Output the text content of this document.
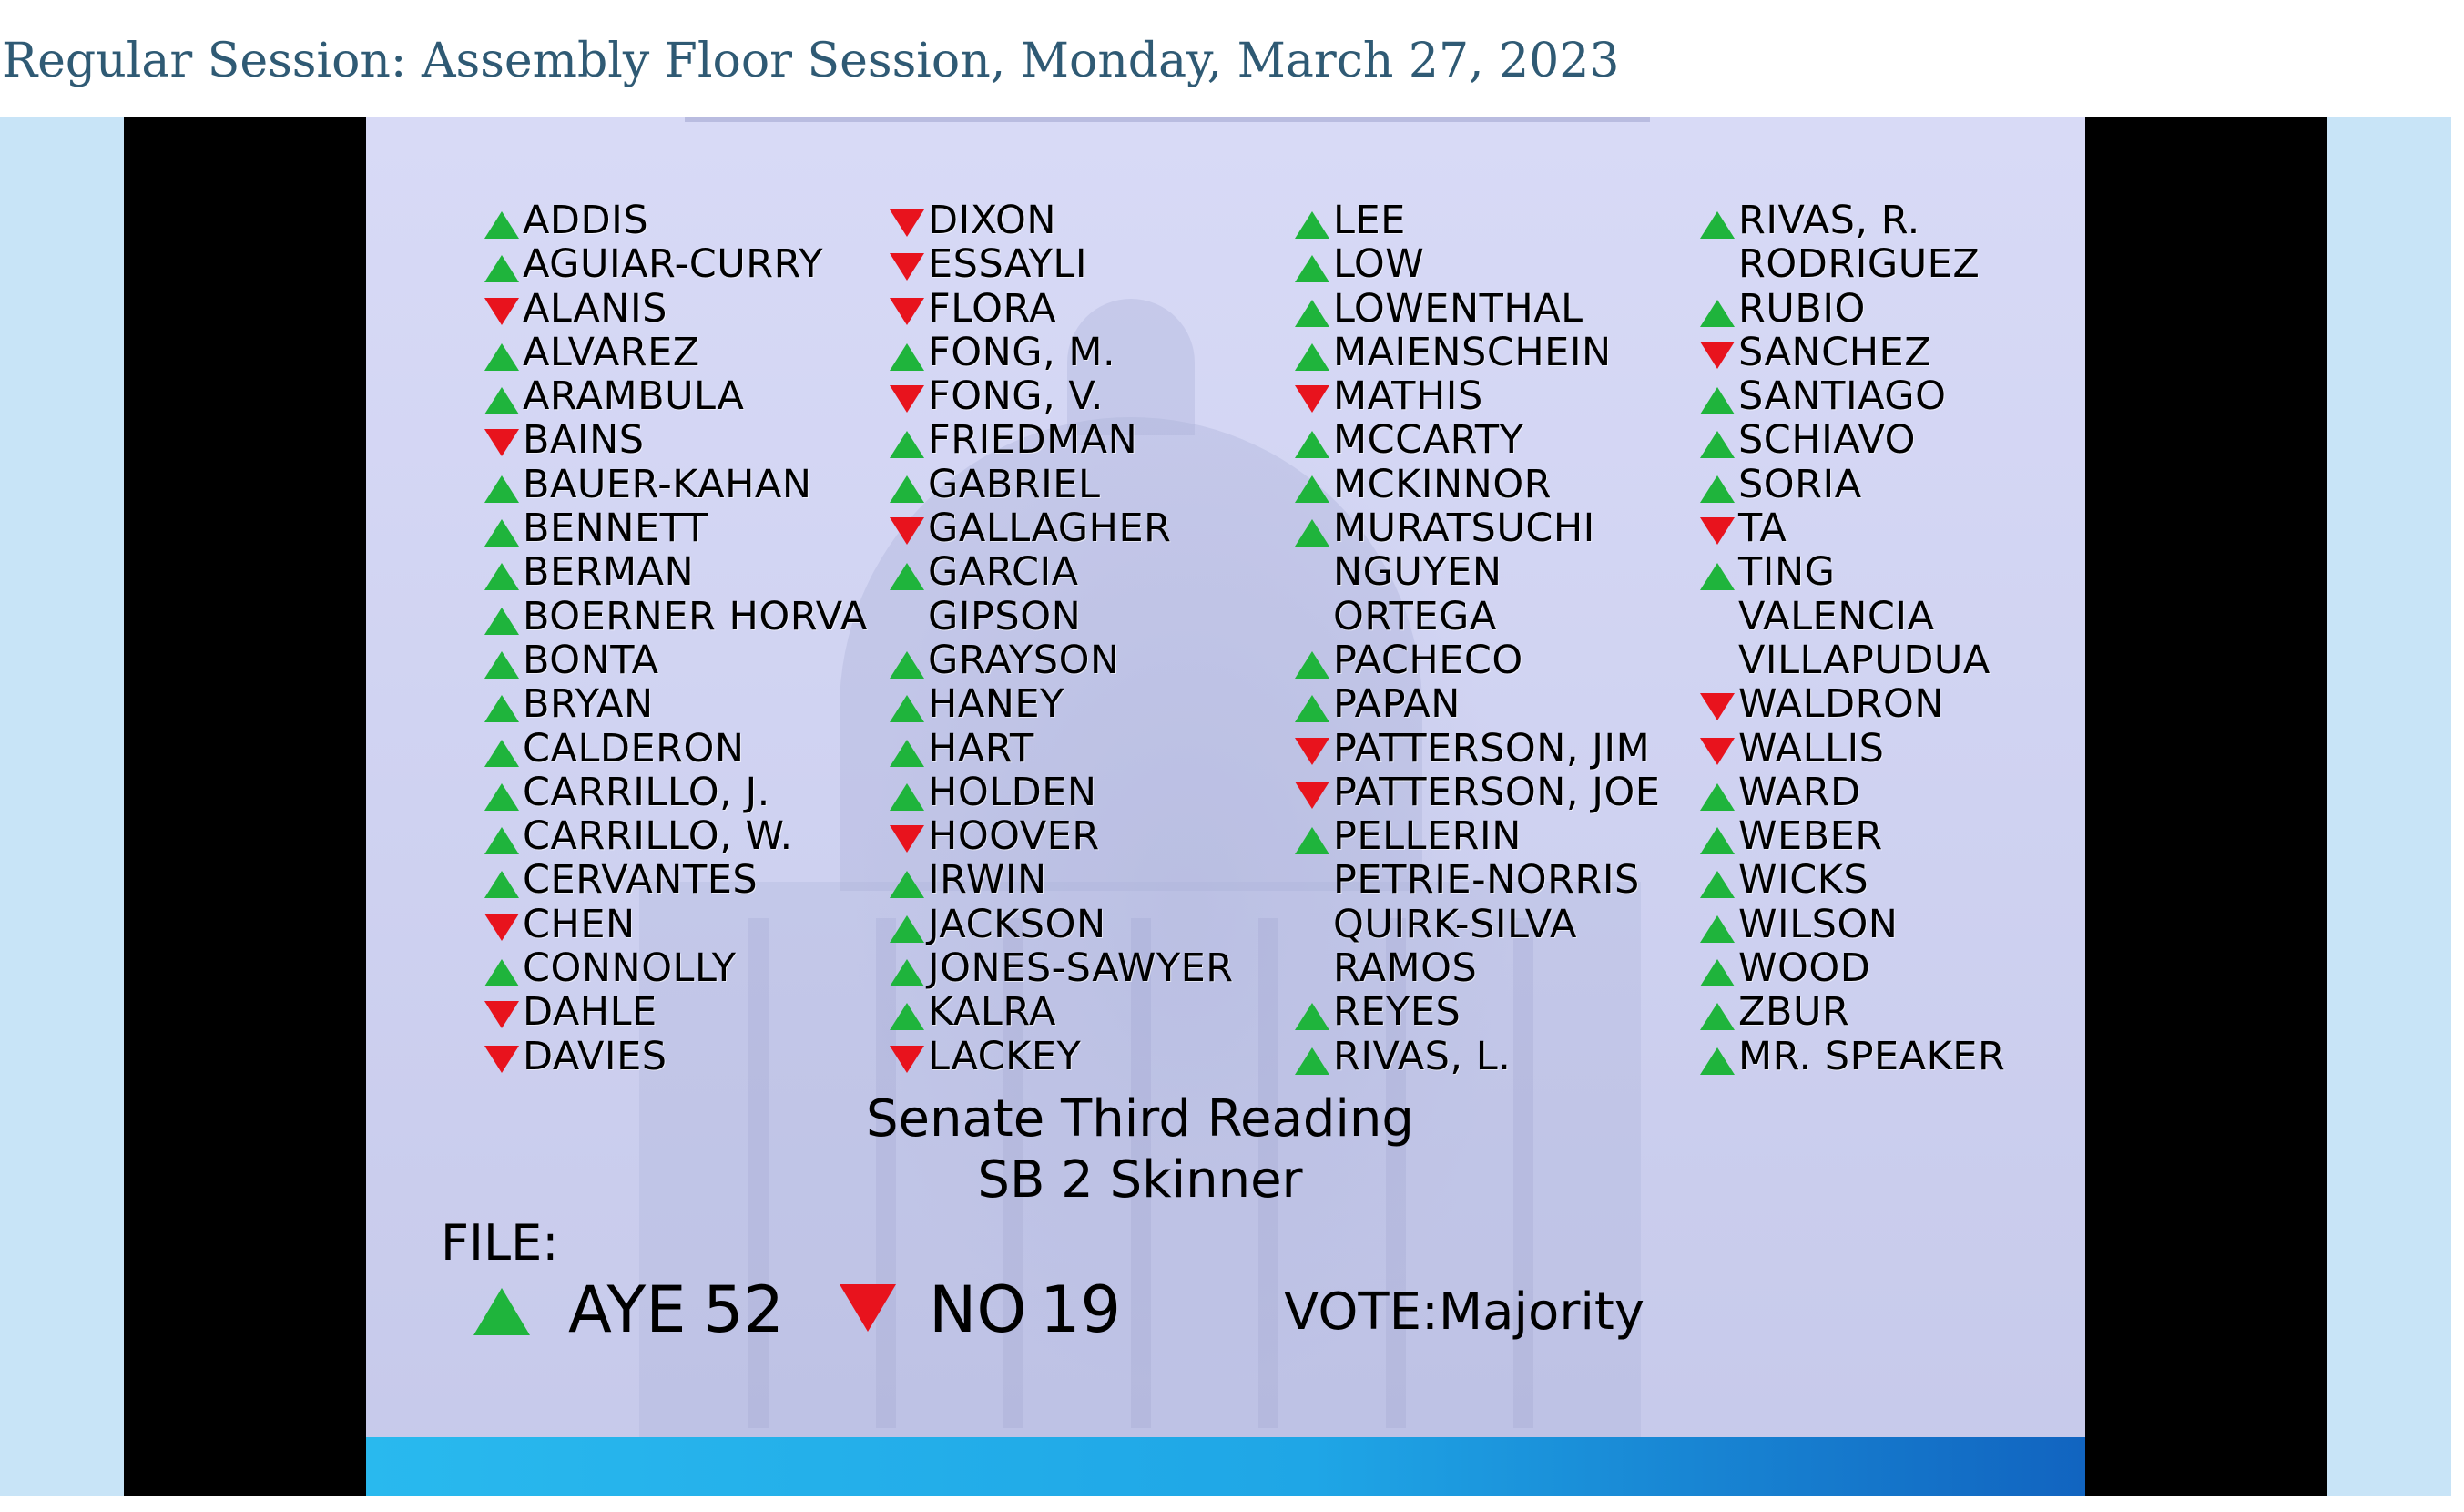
Regular Session: Assembly Floor Session, Monday, March 27, 2023
ADDIS
AGUIAR-CURRY
ALANIS
ALVAREZ
ARAMBULA
BAINS
BAUER-KAHAN
BENNETT
BERMAN
BOERNER HORVA
BONTA
BRYAN
CALDERON
CARRILLO, J.
CARRILLO, W.
CERVANTES
CHEN
CONNOLLY
DAHLE
DAVIES
DIXON
ESSAYLI
FLORA
FONG, M.
FONG, V.
FRIEDMAN
GABRIEL
GALLAGHER
GARCIA
GIPSON
GRAYSON
HANEY
HART
HOLDEN
HOOVER
IRWIN
JACKSON
JONES-SAWYER
KALRA
LACKEY
LEE
LOW
LOWENTHAL
MAIENSCHEIN
MATHIS
MCCARTY
MCKINNOR
MURATSUCHI
NGUYEN
ORTEGA
PACHECO
PAPAN
PATTERSON, JIM
PATTERSON, JOE
PELLERIN
PETRIE-NORRIS
QUIRK-SILVA
RAMOS
REYES
RIVAS, L.
RIVAS, R.
RODRIGUEZ
RUBIO
SANCHEZ
SANTIAGO
SCHIAVO
SORIA
TA
TING
VALENCIA
VILLAPUDUA
WALDRON
WALLIS
WARD
WEBER
WICKS
WILSON
WOOD
ZBUR
MR. SPEAKER
Senate Third Reading
SB 2 Skinner
FILE:
AYE 52 NO 19	VOTE:Majority
